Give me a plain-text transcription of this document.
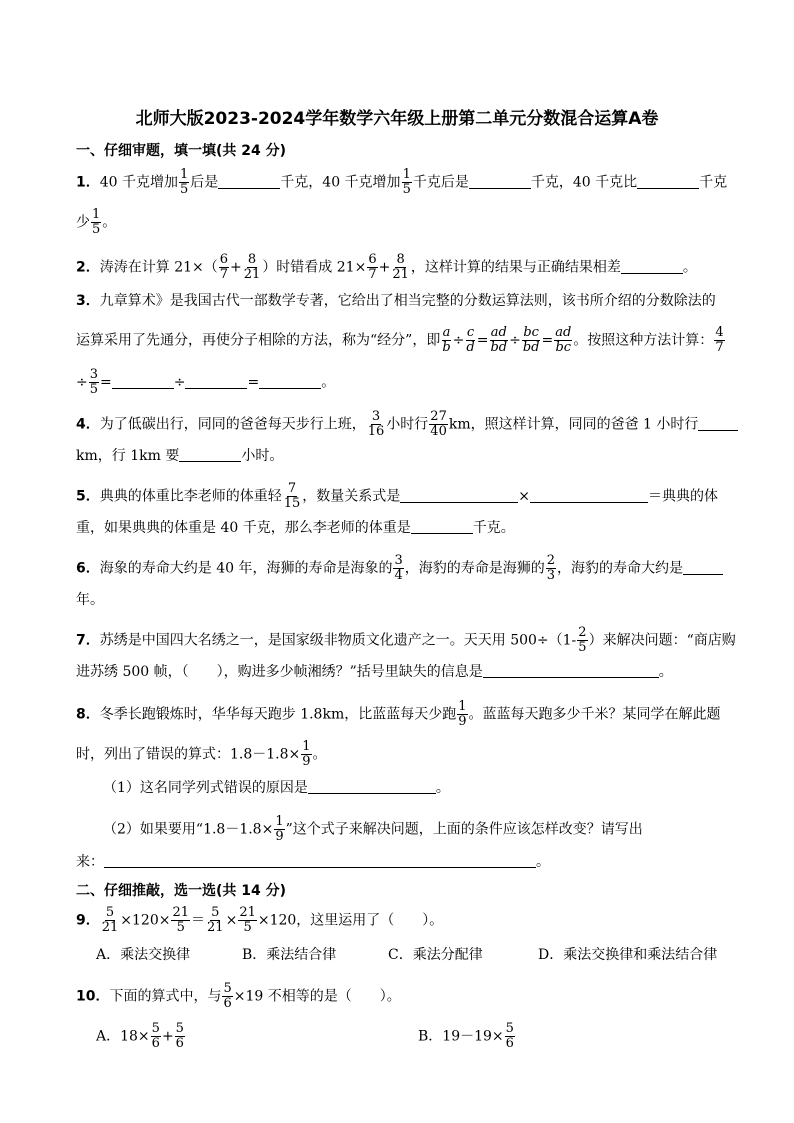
北师大版2023-2024学年数学六年级上册第二单元分数混合运算A卷
一、仔细审题，填一填(共 24 分)
1．40 千克增加 $\frac{1}{5}$ 后是	千克，40 千克增加 $\frac{1}{5}$ 千克后是	千克，40 千克比	千克
少 $\frac{1}{5}$ 。
2．涛涛在计算 $21\times( \frac{6}{7} + \frac{8}{21}$ ）时错看成 $21\times \frac{6}{7} + \frac{8}{21}$ ，这样计算的结果与正确结果相差	。
3．九章算术》是我国古代一部数学专著，它给出了相当完整的分数运算法则，该书所介绍的分数除法的
运算采用了先通分，再使分子相除的方法，称为“经分”，即 $\frac{a}{b} \div \frac{c}{d} = \frac{ad}{bd} \div \frac{bc}{bd} = \frac{ad}{bc}$ 。按照这种方法计算： $\frac{4}{7}$
÷ $\frac{3}{5}$ =	÷	=	。
4．为了低碳出行，同同的爸爸每天步行上班， $\frac{3}{16}$ 小时行 $\frac{27}{40}$ km，照这样计算，同同的爸爸 1 小时行
km，行 1km 要	小时。
5．典典的体重比李老师的体重轻 $\frac{7}{15}$ ，数量关系式是	×	＝典典的体
重，如果典典的体重是 40 千克，那么李老师的体重是	千克。
6．海象的寿命大约是 40 年，海狮的寿命是海象的 $\frac{3}{4}$ ，海豹的寿命是海狮的 $\frac{2}{3}$ ，海豹的寿命大约是
年。
7．苏绣是中国四大名绣之一，是国家级非物质文化遗产之一。天天用 $500\div(1- \frac{2}{5}$ ）来解决问题：“商店购
进苏绣 500 帧，（　　），购进多少帧湘绣？”括号里缺失的信息是	。
8．冬季长跑锻炼时，华华每天跑步 1.8km，比蓝蓝每天少跑 $\frac{1}{9}$ 。蓝蓝每天跑多少千米？某同学在解此题
时，列出了错误的算式：$1.8-1.8\times \frac{1}{9}$ 。
（1）这名同学列式错误的原因是	。
（2）如果要用“$1.8-1.8\times \frac{1}{9}$ ”这个式子来解决问题，上面的条件应该怎样改变？请写出
来：	。
二、仔细推敲，选一选(共 14 分)
9． $\frac{5}{21} \times 120\times \frac{21}{5} = \frac{5}{21} \times \frac{21}{5} \times 120$，这里运用了（　　）。
A．乘法交换律	B．乘法结合律	C．乘法分配律	D．乘法交换律和乘法结合律
10．下面的算式中，与 $\frac{5}{6} \times 19$ 不相等的是（　　）。
A．$18\times \frac{5}{6} + \frac{5}{6}$	B．$19-19\times \frac{5}{6}$
